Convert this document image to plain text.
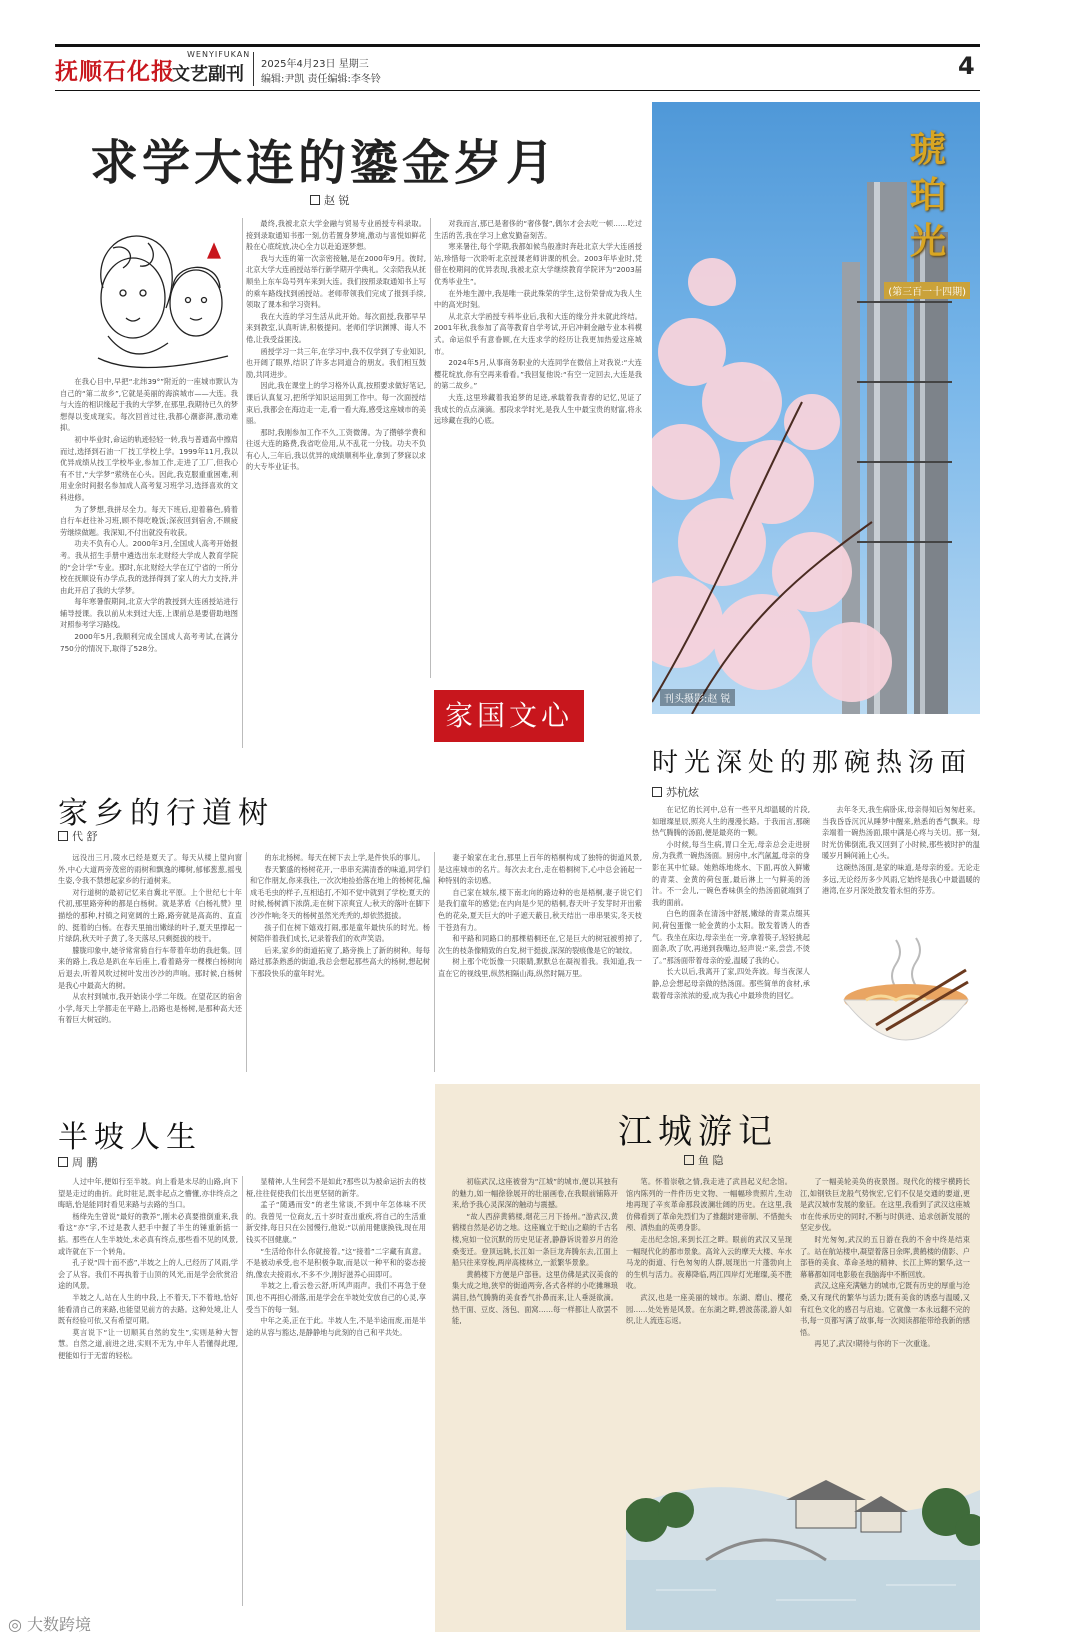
抚顺石化报
WENYIFUKAN
文艺副刊 2025年4月23日 星期三
编辑:尹凯 责任编辑:李冬铃	4
求学大连的鎏金岁月
赵 锐

在我心目中,早把“北纬39°”附近的一座城市默认为自己的“第二故乡”,它就是美丽的海滨城市——大连。我与大连的相识缘起于我的大学梦,在那里,我期待已久的梦想得以变成现实。每次回首过往,我都心潮澎湃,激动难抑。

初中毕业时,命运的轨迹轻轻一转,我与普通高中擦肩而过,选择到石油一厂技工学校上学。1999年11月,我以优异成绩从技工学校毕业,参加工作,走进了工厂,但我心有不甘,“大学梦”萦绕在心头。因此,我克服重重困难,利用业余时间报名参加成人高考复习班学习,选择喜欢的文科进修。

为了梦想,我拼尽全力。每天下班后,迎着暮色,骑着自行车赶往补习班,顾不得吃晚饭;深夜回到宿舍,不顾疲劳继续做题。我深知,不付出就没有收获。

功夫不负有心人。2000年3月,全国成人高考开始报考。我从招生手册中遴选出东北财经大学成人教育学院的“会计学”专业。那时,东北财经大学在辽宁省的一所分校在抚顺设有办学点,我的选择得到了家人的大力支持,并由此开启了我的大学梦。

每年寒暑假期间,北京大学的教授到大连函授站进行辅导授课。我以前从未到过大连,上课前总是要借助地图对照参考学习路线。

2000年5月,我顺利完成全国成人高考考试,在满分750分的情况下,取得了528分。

最终,我被北京大学金融与贸易专业函授专科录取。接到录取通知书那一刻,仿若置身梦境,激动与喜悦如鲜花般在心底绽放,决心全力以赴追逐梦想。

我与大连的第一次亲密接触,是在2000年9月。彼时,北京大学大连函授站举行新学期开学典礼。父亲陪我从抚顺坐上东车岛号列车来到大连。我们按照录取通知书上写的乘车路线找到函授站。老师带领我们完成了报到手续,领取了课本和学习资料。

我在大连的学习生活从此开始。每次面授,我都早早来到教室,认真听讲,积极提问。老师们学识渊博、诲人不倦,让我受益匪浅。

函授学习一共三年,在学习中,我不仅学到了专业知识,也开阔了眼界,结识了许多志同道合的朋友。我们相互鼓励,共同进步。

因此,我在课堂上的学习格外认真,按照要求做好笔记,课后认真复习,把所学知识运用到工作中。每一次面授结束后,我都会在海边走一走,看一看大海,感受这座城市的美丽。

那时,我刚参加工作不久,工资微薄。为了攒够学费和往返大连的路费,我省吃俭用,从不乱花一分钱。功夫不负有心人,三年后,我以优异的成绩顺利毕业,拿到了梦寐以求的大专毕业证书。

对我而言,那已是奢侈的“奢侈餐”,偶尔才会去吃一顿……吃过生活的苦,我在学习上愈发勤奋刻苦。

寒来暑往,每个学期,我都如候鸟般准时奔赴北京大学大连函授站,珍惜每一次聆听北京授课老师讲课的机会。2003年毕业时,凭借在校期间的优异表现,我被北京大学继续教育学院评为“2003届优秀毕业生”。

在外地生源中,我是唯一获此殊荣的学生,这份荣誉成为我人生中的高光时刻。

从北京大学函授专科毕业后,我和大连的缘分并未就此终结。2001年秋,我参加了高等教育自学考试,开启冲刺金融专业本科模式。命运似乎有意眷顾,在大连求学的经历让我更加热爱这座城市。

2024年5月,从事商务职业的大连同学在微信上对我说:“大连樱花绽放,你有空再来看看。”我回复他说:“有空一定回去,大连是我的第二故乡。”

大连,这里珍藏着我追梦的足迹,承载着我青春的记忆,见证了我成长的点点滴滴。那段求学时光,是我人生中最宝贵的财富,将永远珍藏在我的心底。

家国文心
琥珀光
(第三百一十四期)
刊头摄影:赵 锐
时光深处的那碗热汤面
苏杭炫

在记忆的长河中,总有一些平凡却温暖的片段,如璀璨星辰,照亮人生的漫漫长路。于我而言,那碗热气腾腾的汤面,便是最亮的一颗。

小时候,每当生病,胃口全无,母亲总会走进厨房,为我煮一碗热汤面。厨房中,水汽氤氲,母亲的身影在其中忙碌。她熟练地烧水、下面,再放入鲜嫩的青菜、金黄的荷包蛋,最后淋上一勺鲜美的汤汁。不一会儿,一碗色香味俱全的热汤面就端到了我的面前。

白色的面条在清汤中舒展,嫩绿的青菜点缀其间,荷包蛋像一轮金黄的小太阳。散发着诱人的香气。我坐在床边,母亲坐在一旁,拿着筷子,轻轻挑起面条,吹了吹,再递到我嘴边,轻声说:“来,尝尝,不烫了。”那汤面带着母亲的爱,温暖了我的心。

长大以后,我离开了家,四处奔波。每当夜深人静,总会想起母亲做的热汤面。那些简单的食材,承载着母亲浓浓的爱,成为我心中最珍贵的回忆。

去年冬天,我生病卧床,母亲得知后匆匆赶来。当我昏昏沉沉从睡梦中醒来,熟悉的香气飘来。母亲端着一碗热汤面,眼中满是心疼与关切。那一刻,时光仿佛倒流,我又回到了小时候,那些被时护的温暖岁月瞬间涌上心头。

这碗热汤面,是家的味道,是母亲的爱。无论走多远,无论经历多少风雨,它始终是我心中最温暖的港湾,在岁月深处散发着永恒的芬芳。

家乡的行道树
代 舒

远没出三月,陵水已经是夏天了。每天从楼上望向窗外,中心大道两旁茂密的雨树和飘逸的椰树,郁郁葱葱,摇曳生姿,令我不禁想起家乡的行道树来。

对行道树的最初记忆来自冀北平原。上个世纪七十年代初,那里路旁种的都是白杨树。就是茅盾《白杨礼赞》里描绘的那种,村镇之间宽阔的土路,路旁就是高高的、直直的、挺着的白杨。在春天里抽出嫩绿的叶子,夏天里撑起一片绿荫,秋天叶子黄了,冬天落尽,只剩挺拔的枝干。

朦胧印象中,姥爷常常骑自行车带着年幼的我赶集。回来的路上,我总是趴在车后座上,看着路旁一棵棵白杨树向后退去,听着风吹过树叶发出沙沙的声响。那时候,白杨树是我心中最高大的树。

从农村到城市,我开始读小学二年级。在望花区的宿舍小学,每天上学都走在平路上,沿路也是杨树,是那种高大还有着巨大树冠的。

的东北杨树。每天在树下去上学,是件快乐的事儿。

春天繁盛的杨树花开,一串串充满清香的味道,同学们和它作朋友,你来我往,一次次地捡拾落在地上的杨树花,编成毛毛虫的样子,互相追打,不知不觉中就到了学校;夏天的时候,杨树洒下浓荫,走在树下凉爽宜人;秋天的落叶在脚下沙沙作响;冬天的杨树虽然光秃秃的,却依然挺拔。

孩子们在树下嬉戏打闹,那是童年最快乐的时光。杨树陪伴着我们成长,记录着我们的欢声笑语。

后来,家乡的街道拓宽了,路旁换上了新的树种。每每路过那条熟悉的街道,我总会想起那些高大的杨树,想起树下那段快乐的童年时光。

妻子娘家在北台,那里上百年的梧桐构成了独特的街道风景,是这座城市的名片。每次去北台,走在梧桐树下,心中总会涌起一种特别的亲切感。

自己家在城东,楼下南北向的路边种的也是梧桐,妻子说它们是我们童年的感觉;在内向是少见的梧桐,春天叶子发芽时开出紫色的花朵,夏天巨大的叶子遮天蔽日,秋天结出一串串果实,冬天枝干苍劲有力。

和平路和同路口的那棵梧桐还在,它是巨大的树冠被剪掉了,次生的枝条像精致的白发,树干挺拔,深深的裂痕像是它的皱纹。

树上那个吃饭像一只眼睛,默默总在凝视着我。我知道,我一直在它的视线里,纵然相隔山海,纵然时隔万里。

半坡人生
周 鹏

人过中年,便如行至半坡。向上看是未尽的山路,向下望是走过的曲折。此时驻足,既非起点之懵懂,亦非终点之晦暗,恰是能同时看见来路与去路的当口。

杨绛先生曾说“最好的教养”,刚未必真要推倒重来,我看这“亦”字,不过是教人把手中握了半生的锤重新掂一掂。那些在人生半坡处,未必真有终点,那些看不见的风景,或许就在下一个转角。

孔子说“四十而不惑”,半坡之上的人,已经历了风雨,学会了从容。我们不再执着于山顶的风光,而是学会欣赏沿途的风景。

半坡之人,站在人生的中段,上不着天,下不着地,恰好能看清自己的来路,也能望见前方的去路。这种处境,让人既有经验可依,又有希望可期。

莫言说下“让一切顺其自然的发生”,实则是种大智慧。自然之道,前进之进,实则不无为,中年人若懂得此理,便能如行于无雷的轻松。

显精神,人生何尝不是如此?那些以为被命运折去的枝桠,往往促使我们长出更坚韧的新芽。

孟子“随遇而安”的老生常谈,不到中年怎体味不厌的。我曾见一位商友,五十岁时查出重疾,将自己的生活重新安排,每日只在公园慢行,他说:“以前用健康换钱,现在用钱买不回健康。”

“生活给你什么你就接着。”这“接着”二字藏有真意。不是被动承受,也不是积极争取,而是以一种平和的姿态接纳,像农夫接雨水,不多不少,刚好滋养心田即可。

半坡之上,看云卷云舒,听风声雨声。我们不再急于登顶,也不再担心滑落,而是学会在半坡处安放自己的心灵,享受当下的每一刻。

中年之美,正在于此。半坡人生,不是半途而废,而是半途的从容与豁达,是静静地与此刻的自己和平共处。

江城游记
鱼 隐

初临武汉,这座被誉为“江城”的城市,便以其独有的魅力,如一幅徐徐展开的壮丽画卷,在我眼前铺陈开来,给予我心灵深深的触动与震撼。

“故人西辞黄鹤楼,烟花三月下扬州。”游武汉,黄鹤楼自然是必访之地。这座巍立于蛇山之巅的千古名楼,宛如一位沉默的历史见证者,静静诉说着岁月的沧桑变迁。登顶远眺,长江如一条巨龙奔腾东去,江面上船只往来穿梭,两岸高楼林立,一派繁华景象。

黄鹤楼下方便是户部巷。这里仿佛是武汉美食的集大成之地,狭窄的街道两旁,各式各样的小吃摊琳琅满目,热气腾腾的美食香气扑鼻而来,让人垂涎欲滴。热干面、豆皮、汤包、面窝……每一样都让人欲罢不能,

笔。怀着崇敬之情,我走进了武昌起义纪念馆。馆内陈列的一件件历史文物、一幅幅珍贵照片,生动地再现了辛亥革命那段波澜壮阔的历史。在这里,我仿佛看到了革命先烈们为了推翻封建帝制、不惜抛头颅、洒热血的英勇身影。

走出纪念馆,来到长江之畔。眼前的武汉又呈现一幅现代化的都市景象。高耸入云的摩天大楼、车水马龙的街道、行色匆匆的人群,展现出一片蓬勃向上的生机与活力。夜幕降临,两江四岸灯光璀璨,美不胜收。

武汉,也是一座美丽的城市。东湖、磨山、樱花园……处处皆是风景。在东湖之畔,碧波荡漾,游人如织,让人流连忘返。

了一幅美轮美奂的夜景图。现代化的楼宇横跨长江,如钢铁巨龙般气势恢宏,它们不仅是交通的要道,更是武汉城市发展的象征。在这里,我看到了武汉这座城市在传承历史的同时,不断与时俱进、追求创新发展的坚定步伐。

时光匆匆,武汉的五日游在我的不舍中终是结束了。站在航站楼中,凝望着落日余晖,黄鹤楼的倩影、户部巷的美食、革命圣地的精神、长江上辉的繁华,这一幕幕都如同电影般在我脑海中不断回放。

武汉,这座充满魅力的城市,它既有历史的厚重与沧桑,又有现代的繁华与活力;既有美食的诱惑与温暖,又有红色文化的感召与启迪。它就像一本永远翻不完的书,每一页都写满了故事,每一次阅读都能带给我新的感悟。

再见了,武汉!期待与你的下一次重逢。

◎ 大数跨境
